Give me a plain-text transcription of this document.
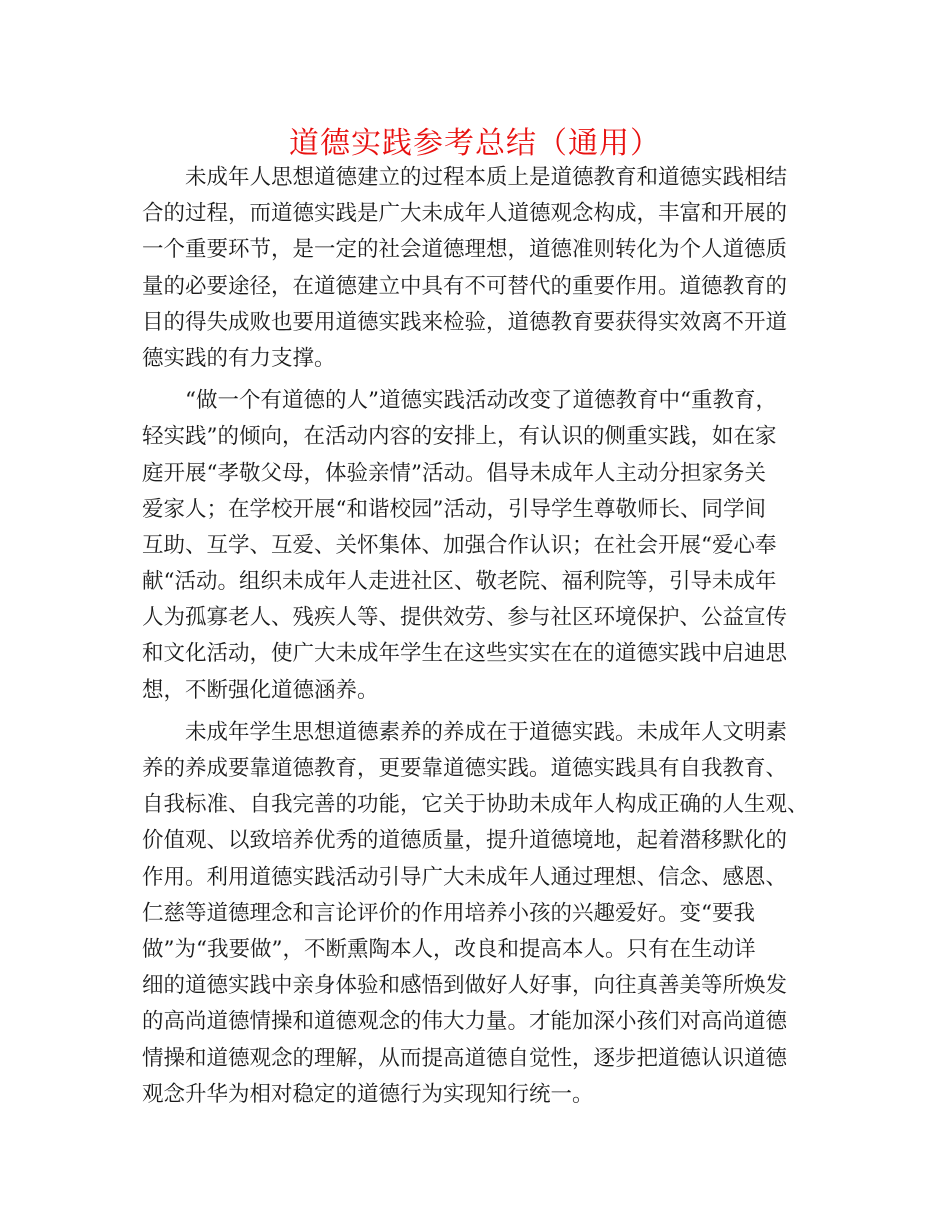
道德实践参考总结（通用）
　　未成年人思想道德建立的过程本质上是道德教育和道德实践相结
合的过程，而道德实践是广大未成年人道德观念构成，丰富和开展的
一个重要环节，是一定的社会道德理想，道德准则转化为个人道德质
量的必要途径，在道德建立中具有不可替代的重要作用。道德教育的
目的得失成败也要用道德实践来检验，道德教育要获得实效离不开道
德实践的有力支撑。
　　“做一个有道德的人”道德实践活动改变了道德教育中“重教育，
轻实践”的倾向，在活动内容的安排上，有认识的侧重实践，如在家
庭开展“孝敬父母，体验亲情”活动。倡导未成年人主动分担家务关
爱家人；在学校开展“和谐校园”活动，引导学生尊敬师长、同学间
互助、互学、互爱、关怀集体、加强合作认识；在社会开展“爱心奉
献“活动。组织未成年人走进社区、敬老院、福利院等，引导未成年
人为孤寡老人、残疾人等、提供效劳、参与社区环境保护、公益宣传
和文化活动，使广大未成年学生在这些实实在在的道德实践中启迪思
想，不断强化道德涵养。
　　未成年学生思想道德素养的养成在于道德实践。未成年人文明素
养的养成要靠道德教育，更要靠道德实践。道德实践具有自我教育、
自我标准、自我完善的功能，它关于协助未成年人构成正确的人生观、
价值观、以致培养优秀的道德质量，提升道德境地，起着潜移默化的
作用。利用道德实践活动引导广大未成年人通过理想、信念、感恩、
仁慈等道德理念和言论评价的作用培养小孩的兴趣爱好。变“要我
做”为“我要做”，不断熏陶本人，改良和提高本人。只有在生动详
细的道德实践中亲身体验和感悟到做好人好事，向往真善美等所焕发
的高尚道德情操和道德观念的伟大力量。才能加深小孩们对高尚道德
情操和道德观念的理解，从而提高道德自觉性，逐步把道德认识道德
观念升华为相对稳定的道德行为实现知行统一。
